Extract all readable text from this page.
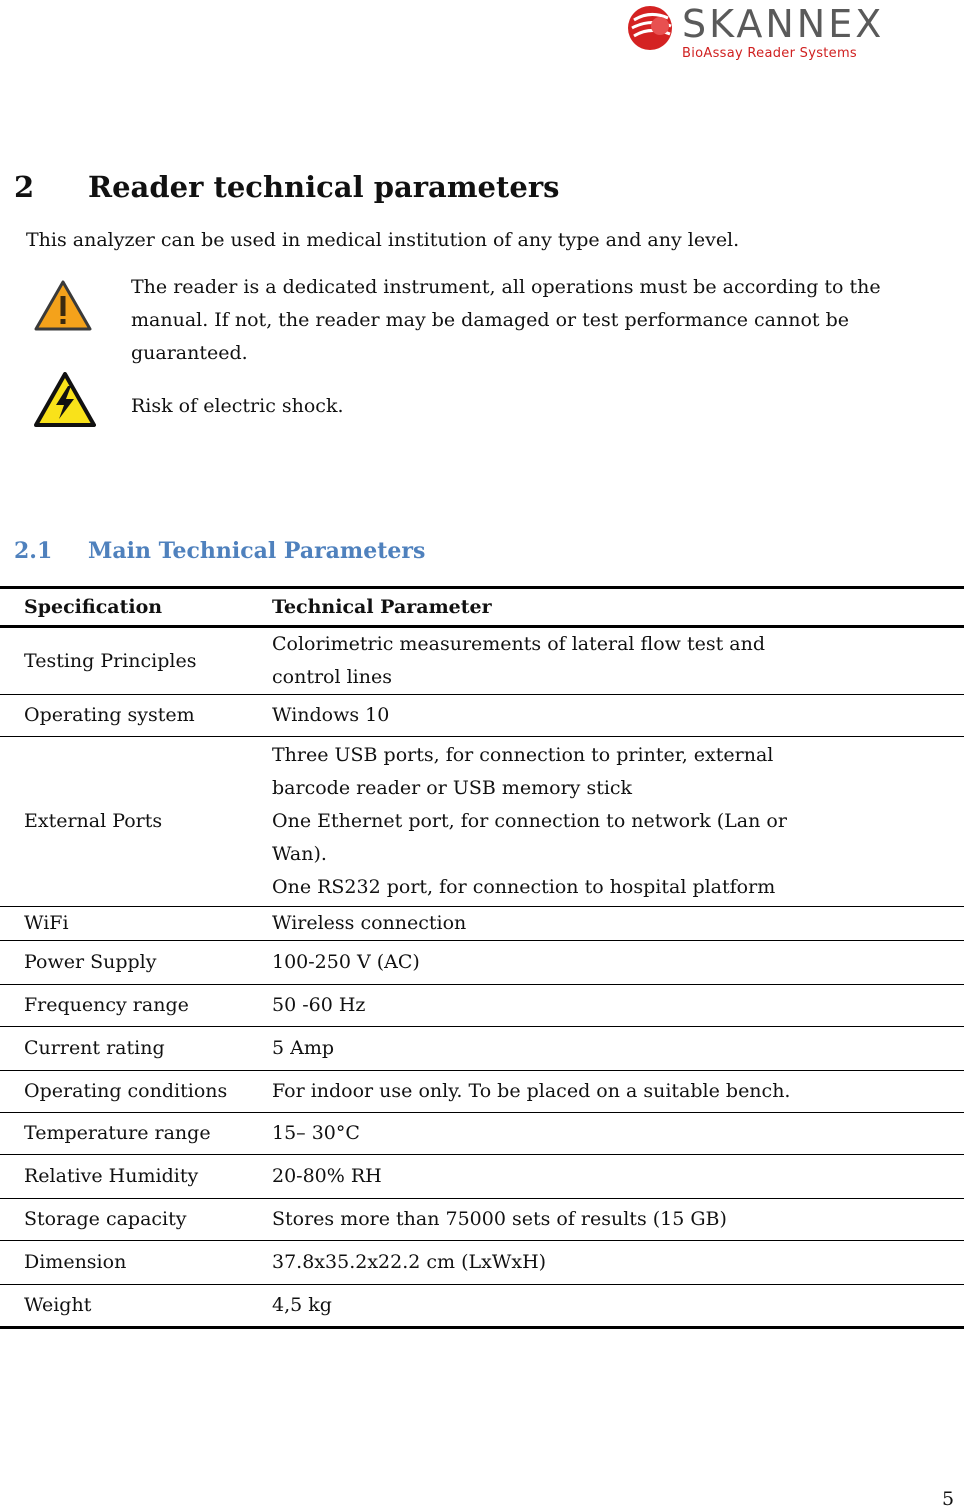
SKANNEX
BioAssay Reader Systems
2 Reader technical parameters
This analyzer can be used in medical institution of any type and any level.
The reader is a dedicated instrument, all operations must be according to the manual. If not, the reader may be damaged or test performance cannot be guaranteed.
Risk of electric shock.
2.1 Main Technical Parameters
Specification	Technical Parameter
Testing Principles	Colorimetric measurements of lateral flow test and
control lines

Operating system	Windows 10

External Ports	Three USB ports, for connection to printer, external
barcode reader or USB memory stick
One Ethernet port, for connection to network (Lan or
Wan).
One RS232 port, for connection to hospital platform

WiFi	Wireless connection

Power Supply	100-250 V (AC)

Frequency range	50 -60 Hz

Current rating	5 Amp

Operating conditions	For indoor use only. To be placed on a suitable bench.

Temperature range	15– 30°C

Relative Humidity	20-80% RH

Storage capacity	Stores more than 75000 sets of results (15 GB)

Dimension	37.8x35.2x22.2 cm (LxWxH)

Weight	4,5 kg
5
